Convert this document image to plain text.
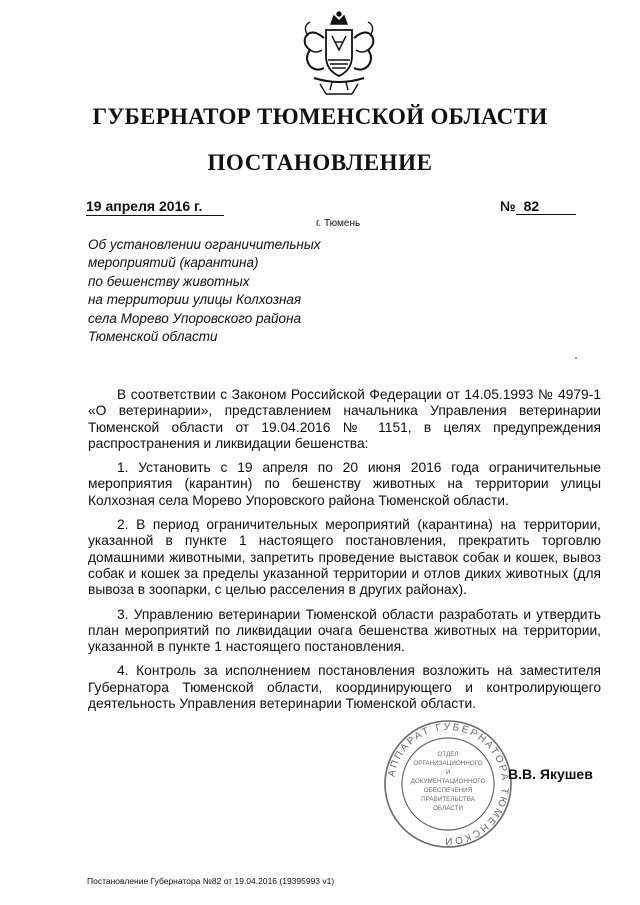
ГУБЕРНАТОР ТЮМЕНСКОЙ ОБЛАСТИ
ПОСТАНОВЛЕНИЕ
19 апреля 2016 г.	№ 82
г. Тюмень
Об установлении ограничительных
мероприятий (карантина)
по бешенству животных
на территории улицы Колхозная
села Морево Упоровского района
Тюменской области

В соответствии с Законом Российской Федерации от 14.05.1993 № 4979-1 «О ветеринарии», представлением начальника Управления ветеринарии Тюменской области от 19.04.2016 № 1151, в целях предупреждения распространения и ликвидации бешенства:

1. Установить с 19 апреля по 20 июня 2016 года ограничительные мероприятия (карантин) по бешенству животных на территории улицы Колхозная села Морево Упоровского района Тюменской области.

2. В период ограничительных мероприятий (карантина) на территории, указанной в пункте 1 настоящего постановления, прекратить торговлю домашними животными, запретить проведение выставок собак и кошек, вывоз собак и кошек за пределы указанной территории и отлов диких животных (для вывоза в зоопарки, с целью расселения в других районах).

3. Управлению ветеринарии Тюменской области разработать и утвердить план мероприятий по ликвидации очага бешенства животных на территории, указанной в пункте 1 настоящего постановления.

4. Контроль за исполнением постановления возложить на заместителя Губернатора Тюменской области, координирующего и контролирующего деятельность Управления ветеринарии Тюменской области.

АППАРАТ ГУБЕРНАТОРА ТЮМЕНСКОЙ
ОТДЕЛ
ОРГАНИЗАЦИОННОГО
И
ДОКУМЕНТАЦИОННОГО
ОБЕСПЕЧЕНИЯ
ПРАВИТЕЛЬСТВА
ОБЛАСТИ
В.В. Якушев
Постановление Губернатора №82 от 19.04.2016 (19395993 v1)
